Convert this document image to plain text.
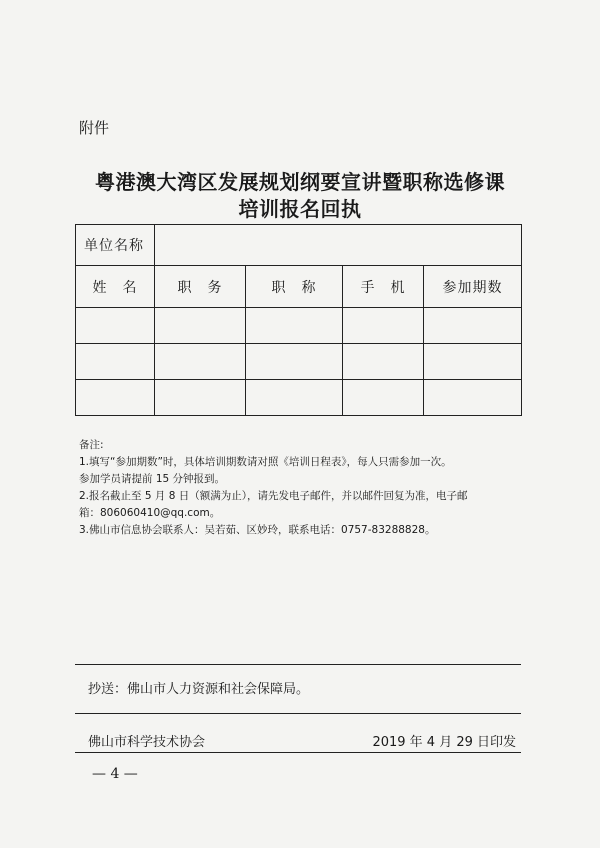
附件
粤港澳大湾区发展规划纲要宣讲暨职称选修课
培训报名回执
单位名称				
姓　名	职　务	职　称	手　机	参加期数

备注:
1.填写“参加期数”时，具体培训期数请对照《培训日程表》，每人只需参加一次。
参加学员请提前 15 分钟报到。
2.报名截止至 5 月 8 日（额满为止），请先发电子邮件，并以邮件回复为准，电子邮
箱：806060410@qq.com。
3.佛山市信息协会联系人：吴若茹、区妙玲，联系电话：0757-83288828。
抄送：佛山市人力资源和社会保障局。
佛山市科学技术协会	2019 年 4 月 29 日印发
— 4 —
